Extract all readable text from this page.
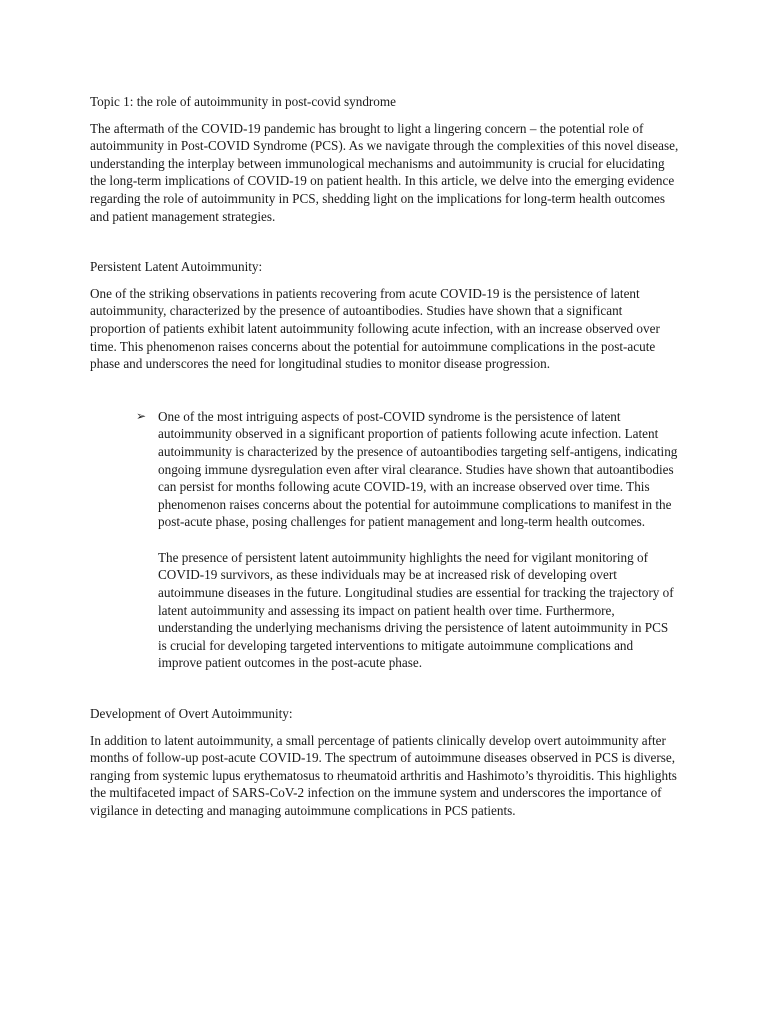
Topic 1: the role of autoimmunity in post-covid syndrome

The aftermath of the COVID-19 pandemic has brought to light a lingering concern – the potential role of autoimmunity in Post-COVID Syndrome (PCS). As we navigate through the complexities of this novel disease, understanding the interplay between immunological mechanisms and autoimmunity is crucial for elucidating the long-term implications of COVID-19 on patient health. In this article, we delve into the emerging evidence regarding the role of autoimmunity in PCS, shedding light on the implications for long-term health outcomes and patient management strategies.

Persistent Latent Autoimmunity:

One of the striking observations in patients recovering from acute COVID-19 is the persistence of latent autoimmunity, characterized by the presence of autoantibodies. Studies have shown that a significant proportion of patients exhibit latent autoimmunity following acute infection, with an increase observed over time. This phenomenon raises concerns about the potential for autoimmune complications in the post-acute phase and underscores the need for longitudinal studies to monitor disease progression.

➢ One of the most intriguing aspects of post-COVID syndrome is the persistence of latent autoimmunity observed in a significant proportion of patients following acute infection. Latent autoimmunity is characterized by the presence of autoantibodies targeting self-antigens, indicating ongoing immune dysregulation even after viral clearance. Studies have shown that autoantibodies can persist for months following acute COVID-19, with an increase observed over time. This phenomenon raises concerns about the potential for autoimmune complications to manifest in the post-acute phase, posing challenges for patient management and long-term health outcomes.

The presence of persistent latent autoimmunity highlights the need for vigilant monitoring of COVID-19 survivors, as these individuals may be at increased risk of developing overt autoimmune diseases in the future. Longitudinal studies are essential for tracking the trajectory of latent autoimmunity and assessing its impact on patient health over time. Furthermore, understanding the underlying mechanisms driving the persistence of latent autoimmunity in PCS is crucial for developing targeted interventions to mitigate autoimmune complications and improve patient outcomes in the post-acute phase.

Development of Overt Autoimmunity:

In addition to latent autoimmunity, a small percentage of patients clinically develop overt autoimmunity after months of follow-up post-acute COVID-19. The spectrum of autoimmune diseases observed in PCS is diverse, ranging from systemic lupus erythematosus to rheumatoid arthritis and Hashimoto’s thyroiditis. This highlights the multifaceted impact of SARS-CoV-2 infection on the immune system and underscores the importance of vigilance in detecting and managing autoimmune complications in PCS patients.
